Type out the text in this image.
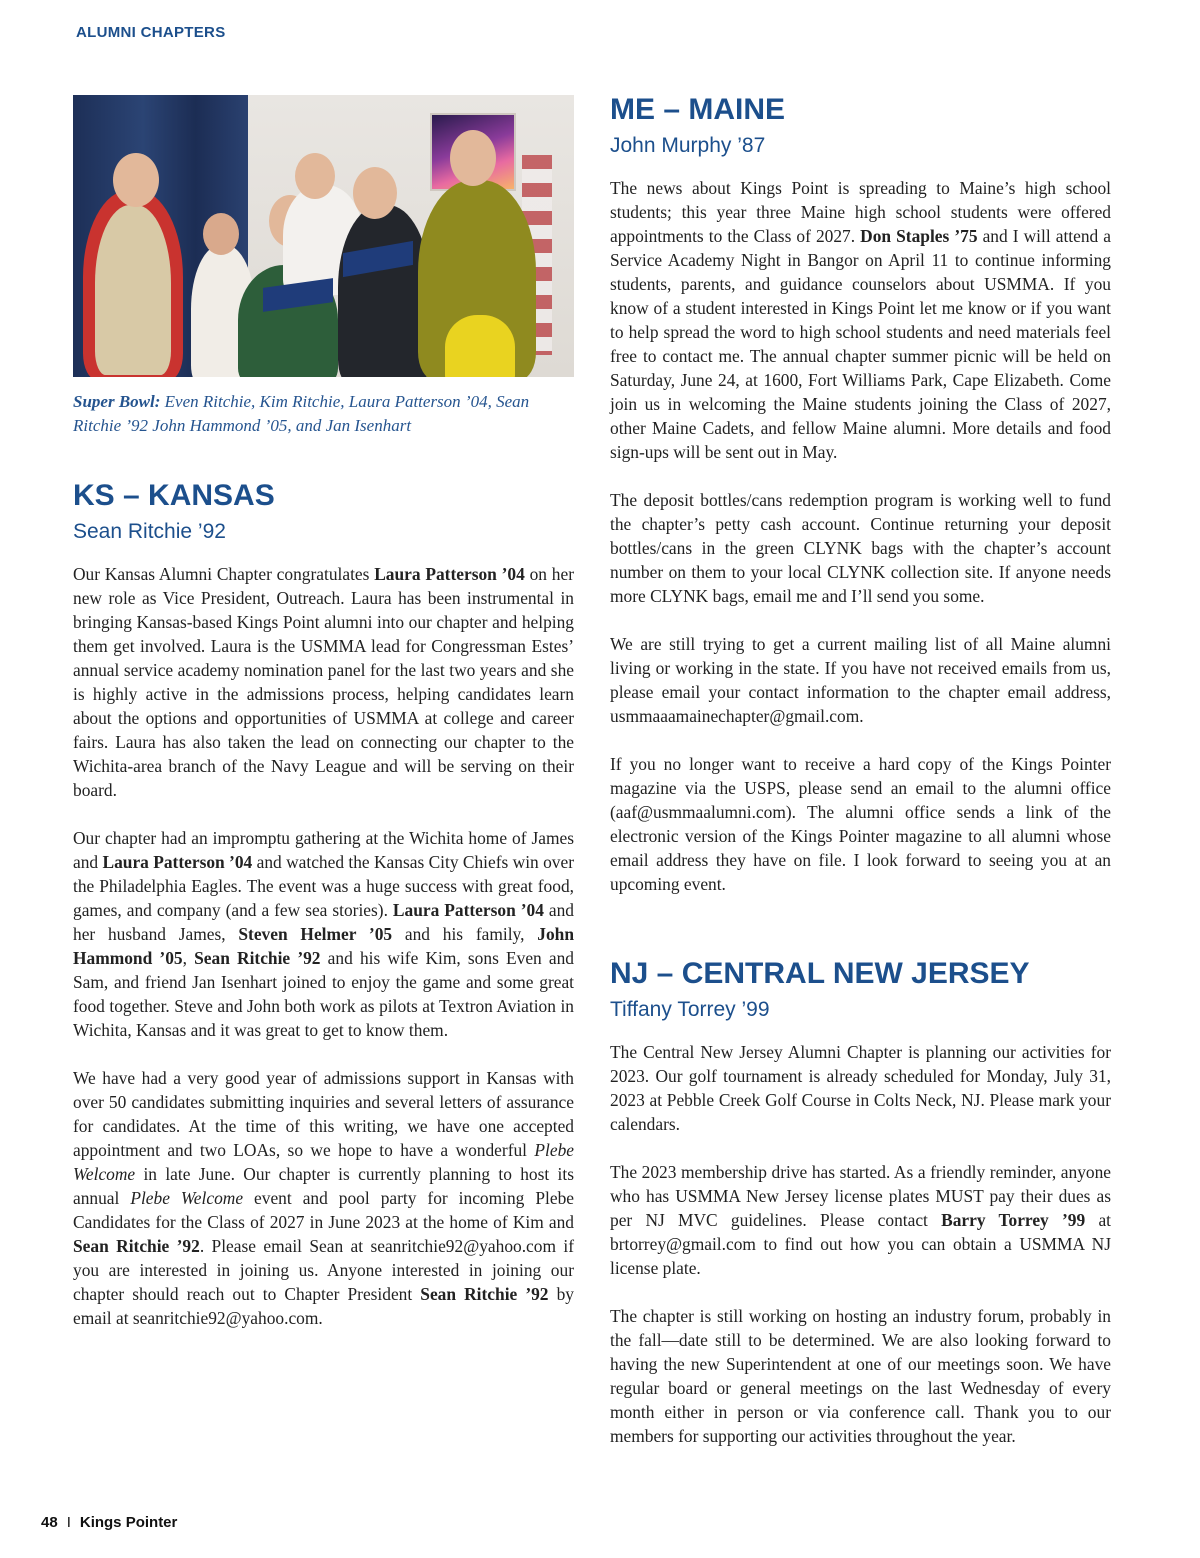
ALUMNI CHAPTERS
Super Bowl: Even Ritchie, Kim Ritchie, Laura Patterson ’04, Sean Ritchie ’92 John Hammond ’05, and Jan Isenhart
KS – KANSAS
Sean Ritchie ’92

Our Kansas Alumni Chapter congratulates Laura Patterson ’04 on her new role as Vice President, Outreach. Laura has been instrumental in bringing Kansas-based Kings Point alumni into our chapter and helping them get involved. Laura is the USMMA lead for Congressman Estes’ annual service academy nomination panel for the last two years and she is highly active in the admissions process, helping candidates learn about the options and opportunities of USMMA at college and career fairs. Laura has also taken the lead on connecting our chapter to the Wichita-area branch of the Navy League and will be serving on their board.

Our chapter had an impromptu gathering at the Wichita home of James and Laura Patterson ’04 and watched the Kansas City Chiefs win over the Philadelphia Eagles. The event was a huge success with great food, games, and company (and a few sea stories). Laura Patterson ’04 and her husband James, Steven Helmer ’05 and his family, John Hammond ’05, Sean Ritchie ’92 and his wife Kim, sons Even and Sam, and friend Jan Isenhart joined to enjoy the game and some great food together. Steve and John both work as pilots at Textron Aviation in Wichita, Kansas and it was great to get to know them.

We have had a very good year of admissions support in Kansas with over 50 candidates submitting inquiries and several letters of assurance for candidates. At the time of this writing, we have one accepted appointment and two LOAs, so we hope to have a wonderful Plebe Welcome in late June. Our chapter is currently planning to host its annual Plebe Welcome event and pool party for incoming Plebe Candidates for the Class of 2027 in June 2023 at the home of Kim and Sean Ritchie ’92. Please email Sean at seanritchie92@yahoo.com if you are interested in joining us. Anyone interested in joining our chapter should reach out to Chapter President Sean Ritchie ’92 by email at seanritchie92@yahoo.com.

ME – MAINE
John Murphy ’87

The news about Kings Point is spreading to Maine’s high school students; this year three Maine high school students were offered appointments to the Class of 2027. Don Staples ’75 and I will attend a Service Academy Night in Bangor on April 11 to continue informing students, parents, and guidance counselors about USMMA. If you know of a student interested in Kings Point let me know or if you want to help spread the word to high school students and need materials feel free to contact me. The annual chapter summer picnic will be held on Saturday, June 24, at 1600, Fort Williams Park, Cape Elizabeth. Come join us in welcoming the Maine students joining the Class of 2027, other Maine Cadets, and fellow Maine alumni. More details and food sign-ups will be sent out in May.

The deposit bottles/cans redemption program is working well to fund the chapter’s petty cash account. Continue returning your deposit bottles/cans in the green CLYNK bags with the chapter’s account number on them to your local CLYNK collection site. If anyone needs more CLYNK bags, email me and I’ll send you some.

We are still trying to get a current mailing list of all Maine alumni living or working in the state. If you have not received emails from us, please email your contact information to the chapter email address, usmmaaamainechapter@gmail.com.

If you no longer want to receive a hard copy of the Kings Pointer magazine via the USPS, please send an email to the alumni office (aaf@usmmaalumni.com). The alumni office sends a link of the electronic version of the Kings Pointer magazine to all alumni whose email address they have on file. I look forward to seeing you at an upcoming event.

NJ – CENTRAL NEW JERSEY
Tiffany Torrey ’99

The Central New Jersey Alumni Chapter is planning our activities for 2023. Our golf tournament is already scheduled for Monday, July 31, 2023 at Pebble Creek Golf Course in Colts Neck, NJ. Please mark your calendars.

The 2023 membership drive has started. As a friendly reminder, anyone who has USMMA New Jersey license plates MUST pay their dues as per NJ MVC guidelines. Please contact Barry Torrey ’99 at brtorrey@gmail.com to find out how you can obtain a USMMA NJ license plate.

The chapter is still working on hosting an industry forum, probably in the fall—date still to be determined. We are also looking forward to having the new Superintendent at one of our meetings soon. We have regular board or general meetings on the last Wednesday of every month either in person or via conference call. Thank you to our members for supporting our activities throughout the year.

48 I Kings Pointer
